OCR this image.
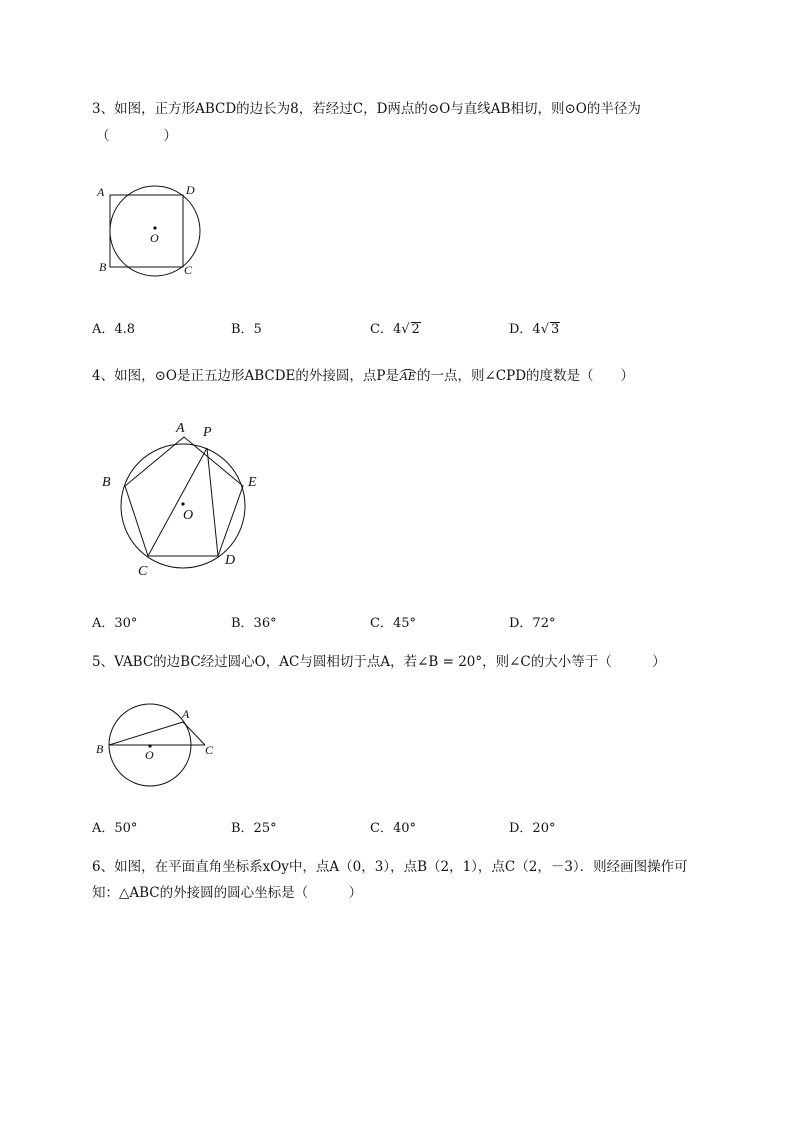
3、如图，正方形ABCD的边长为8，若经过C，D两点的⊙O与直线AB相切，则⊙O的半径为
（　　　　）
A
B	C
D
O
A．4.8	B．5	C．4√ 2	D．4√ 3
4、如图，⊙O是正五边形ABCDE的外接圆，点P是AE的一点，则∠CPD的度数是（　　）
A P
B	E
O
C
D
A．30°	B．36°	C．45°	D．72°
5、VABC的边BC经过圆心O，AC与圆相切于点A，若∠B = 20°，则∠C的大小等于（　　　）
A
B	C
O
A．50°	B．25°	C．40°	D．20°
6、如图，在平面直角坐标系xOy中，点A（0，3），点B（2，1），点C（2，－3）．则经画图操作可
知：△ABC的外接圆的圆心坐标是（　　　）
